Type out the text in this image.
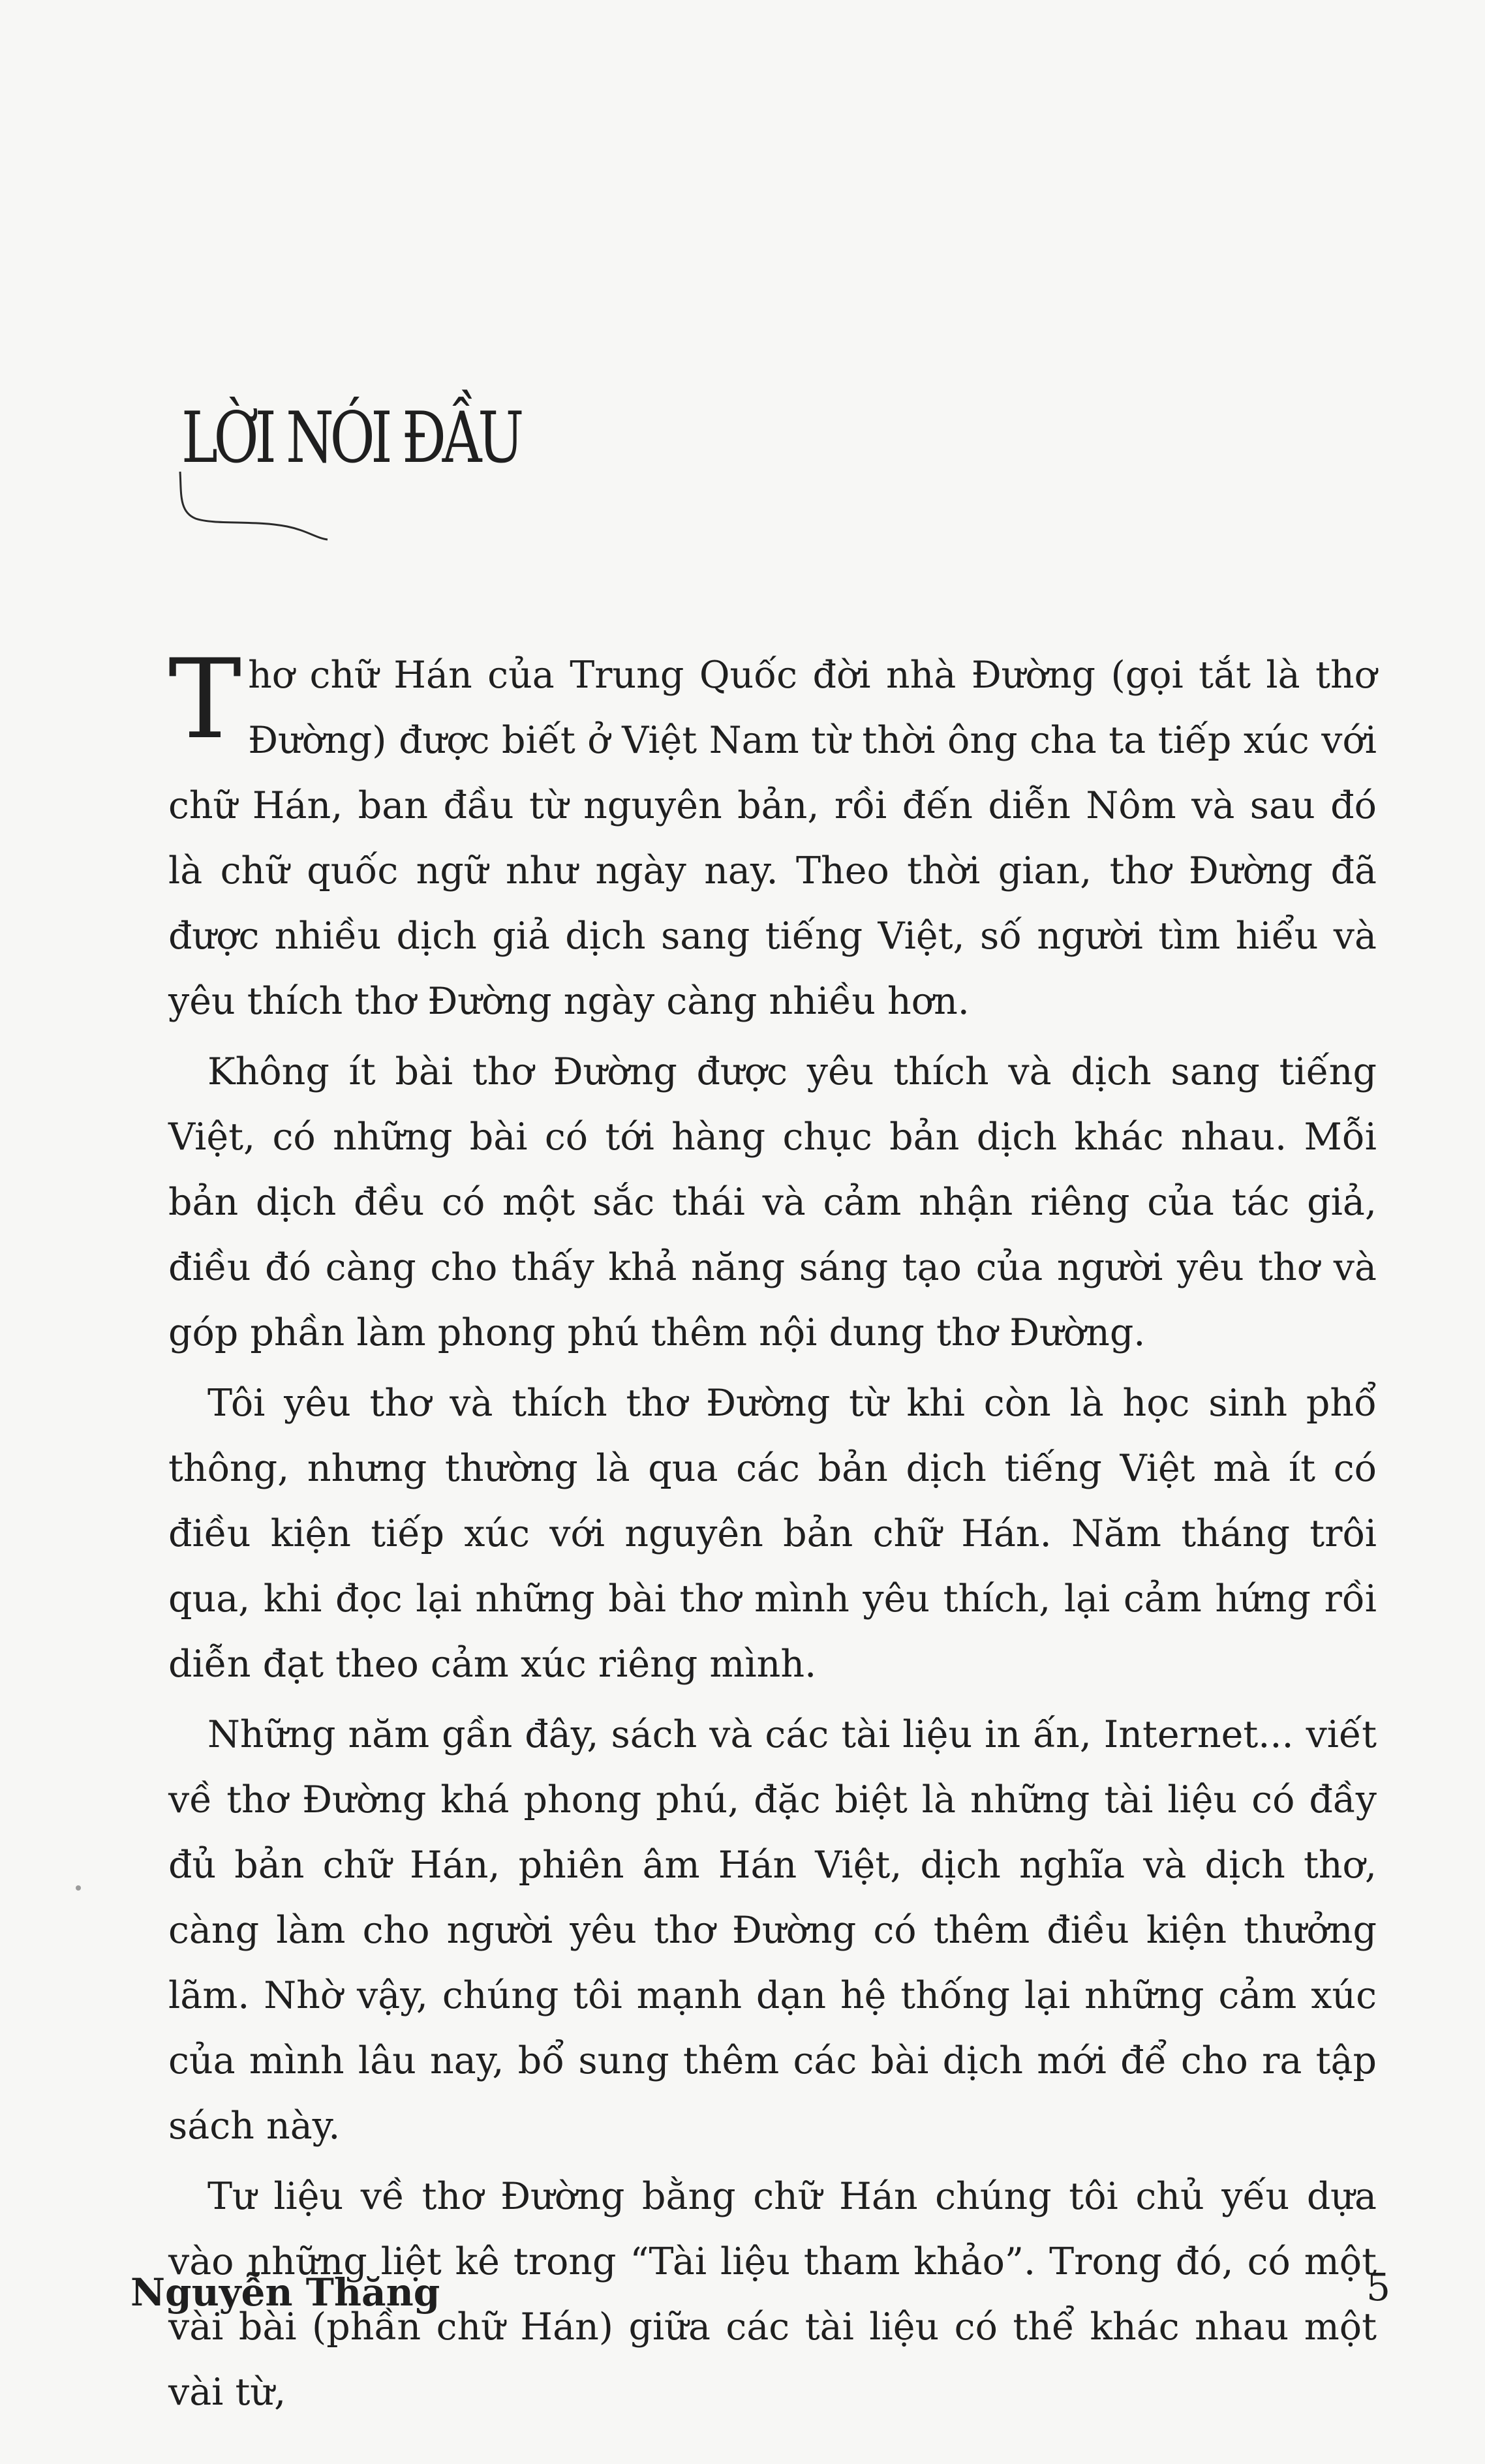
LỜI NÓI ĐẦU

Thơ chữ Hán của Trung Quốc đời nhà Đường (gọi tắt là thơ Đường) được biết ở Việt Nam từ thời ông cha ta tiếp xúc với chữ Hán, ban đầu từ nguyên bản, rồi đến diễn Nôm và sau đó là chữ quốc ngữ như ngày nay. Theo thời gian, thơ Đường đã được nhiều dịch giả dịch sang tiếng Việt, số người tìm hiểu và yêu thích thơ Đường ngày càng nhiều hơn.

Không ít bài thơ Đường được yêu thích và dịch sang tiếng Việt, có những bài có tới hàng chục bản dịch khác nhau. Mỗi bản dịch đều có một sắc thái và cảm nhận riêng của tác giả, điều đó càng cho thấy khả năng sáng tạo của người yêu thơ và góp phần làm phong phú thêm nội dung thơ Đường.

Tôi yêu thơ và thích thơ Đường từ khi còn là học sinh phổ thông, nhưng thường là qua các bản dịch tiếng Việt mà ít có điều kiện tiếp xúc với nguyên bản chữ Hán. Năm tháng trôi qua, khi đọc lại những bài thơ mình yêu thích, lại cảm hứng rồi diễn đạt theo cảm xúc riêng mình.

Những năm gần đây, sách và các tài liệu in ấn, Internet... viết về thơ Đường khá phong phú, đặc biệt là những tài liệu có đầy đủ bản chữ Hán, phiên âm Hán Việt, dịch nghĩa và dịch thơ, càng làm cho người yêu thơ Đường có thêm điều kiện thưởng lãm. Nhờ vậy, chúng tôi mạnh dạn hệ thống lại những cảm xúc của mình lâu nay, bổ sung thêm các bài dịch mới để cho ra tập sách này.

Tư liệu về thơ Đường bằng chữ Hán chúng tôi chủ yếu dựa vào những liệt kê trong “Tài liệu tham khảo”. Trong đó, có một vài bài (phần chữ Hán) giữa các tài liệu có thể khác nhau một vài từ,

Nguyễn Thăng	5
